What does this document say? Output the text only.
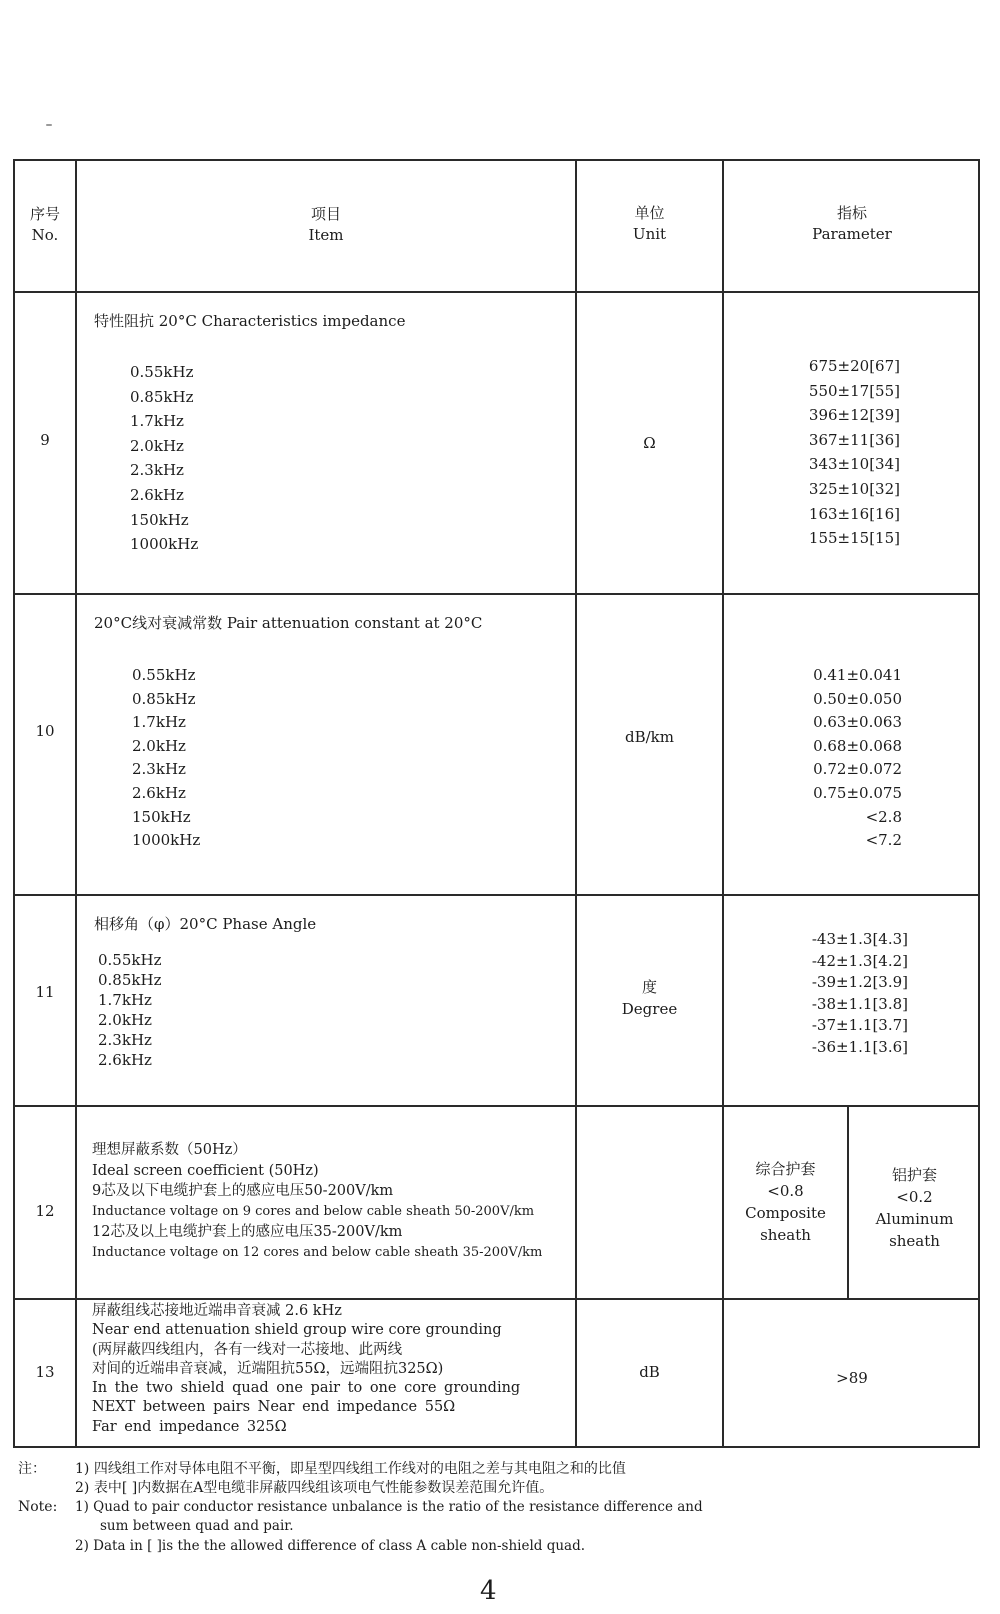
序号
No.
项目
Item
单位
Unit
指标
Parameter
9
特性阻抗 20°C Characteristics impedance
0.55kHz
0.85kHz
1.7kHz
2.0kHz
2.3kHz
2.6kHz
150kHz
1000kHz
Ω
675±20[67]
550±17[55]
396±12[39]
367±11[36]
343±10[34]
325±10[32]
163±16[16]
155±15[15]
10
20°C线对衰减常数 Pair attenuation constant at 20°C
0.55kHz
0.85kHz
1.7kHz
2.0kHz
2.3kHz
2.6kHz
150kHz
1000kHz
dB/km
0.41±0.041
0.50±0.050
0.63±0.063
0.68±0.068
0.72±0.072
0.75±0.075
<2.8
<7.2
11
相移角（φ）20°C Phase Angle
0.55kHz
0.85kHz
1.7kHz
2.0kHz
2.3kHz
2.6kHz
度
Degree
-43±1.3[4.3]
-42±1.3[4.2]
-39±1.2[3.9]
-38±1.1[3.8]
-37±1.1[3.7]
-36±1.1[3.6]
12
理想屏蔽系数（50Hz）
Ideal screen coefficient (50Hz)
9芯及以下电缆护套上的感应电压50-200V/km
Inductance voltage on 9 cores and below cable sheath 50-200V/km
12芯及以上电缆护套上的感应电压35-200V/km
Inductance voltage on 12 cores and below cable sheath 35-200V/km
综合护套
<0.8
Composite
sheath
铝护套
<0.2
Aluminum
sheath
13
屏蔽组线芯接地近端串音衰减 2.6 kHz
Near end attenuation shield group wire core grounding
(两屏蔽四线组内，各有一线对一芯接地、此两线
对间的近端串音衰减，近端阻抗55Ω，远端阻抗325Ω)
In the two shield quad one pair to one core grounding
NEXT between pairs Near end impedance 55Ω
Far end impedance 325Ω
dB	>89
注： 1) 四线组工作对导体电阻不平衡，即星型四线组工作线对的电阻之差与其电阻之和的比值
2) 表中[ ]内数据在A型电缆非屏蔽四线组该项电气性能参数误差范围允许值。
Note: 1) Quad to pair conductor resistance unbalance is the ratio of the resistance difference and
sum between quad and pair.
2) Data in [ ]is the the allowed difference of class A cable non-shield quad.
4
